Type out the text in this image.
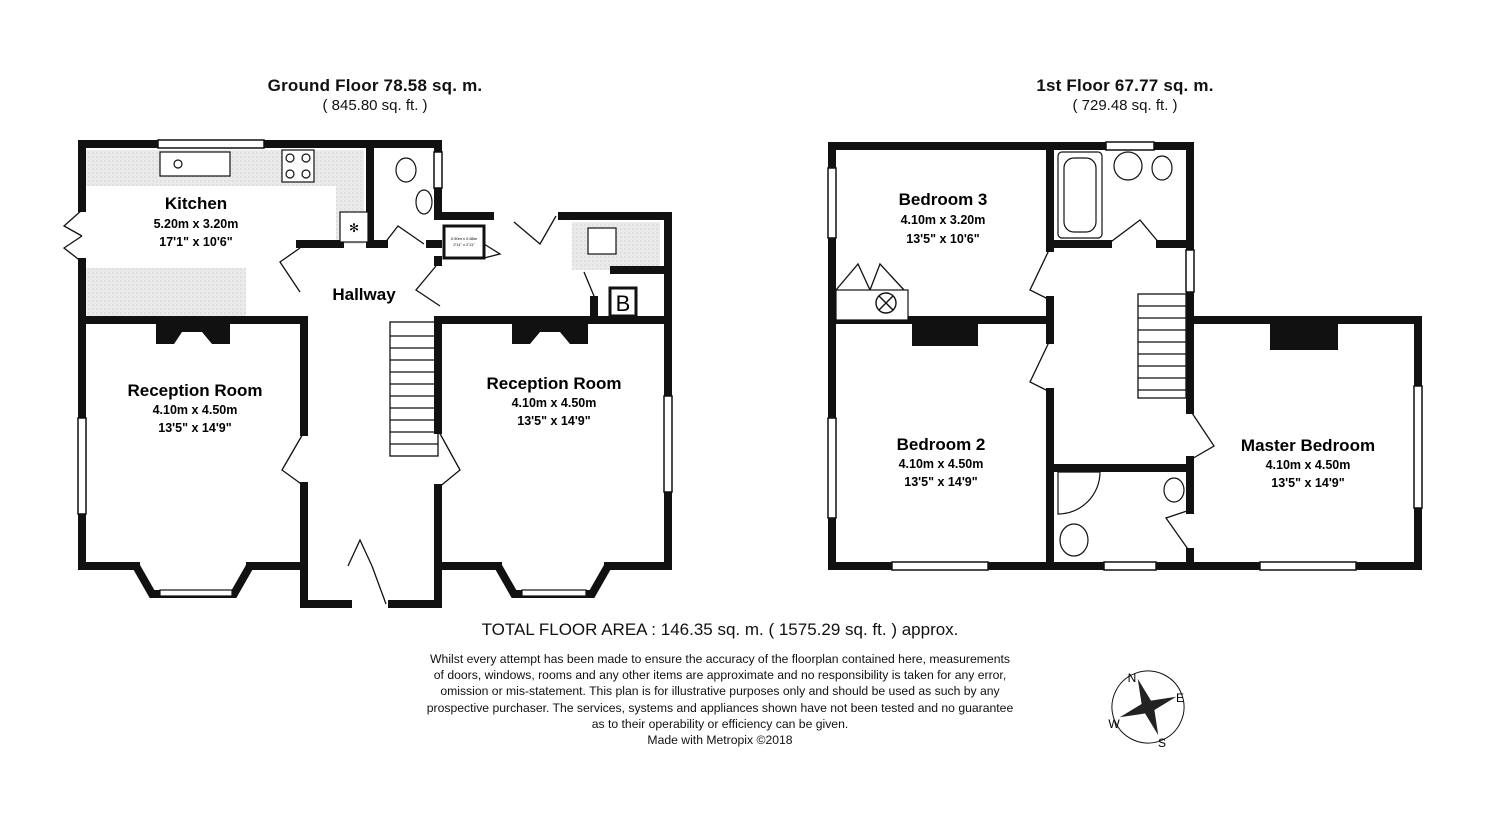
Ground Floor 78.58 sq. m.
( 845.80 sq. ft. )
1st Floor 67.77 sq. m.
( 729.48 sq. ft. )
✻
Kitchen
5.20m x 3.20m
17'1" x 10'6"
Hallway
Reception Room
4.10m x 4.50m
13'5" x 14'9"
Reception Room
4.10m x 4.50m
13'5" x 14'9"
0.90m x 0.88m
2'11" x 2'11"
B
Bedroom 3
4.10m x 3.20m
13'5" x 10'6"
Bedroom 2
4.10m x 4.50m
13'5" x 14'9"
Master Bedroom
4.10m x 4.50m
13'5" x 14'9"
N
E
S
W
TOTAL FLOOR AREA : 146.35 sq. m. ( 1575.29 sq. ft. ) approx.
Whilst every attempt has been made to ensure the accuracy of the floorplan contained here, measurements
of doors, windows, rooms and any other items are approximate and no responsibility is taken for any error,
omission or mis-statement. This plan is for illustrative purposes only and should be used as such by any
prospective purchaser. The services, systems and appliances shown have not been tested and no guarantee
as to their operability or efficiency can be given.
Made with Metropix ©2018
